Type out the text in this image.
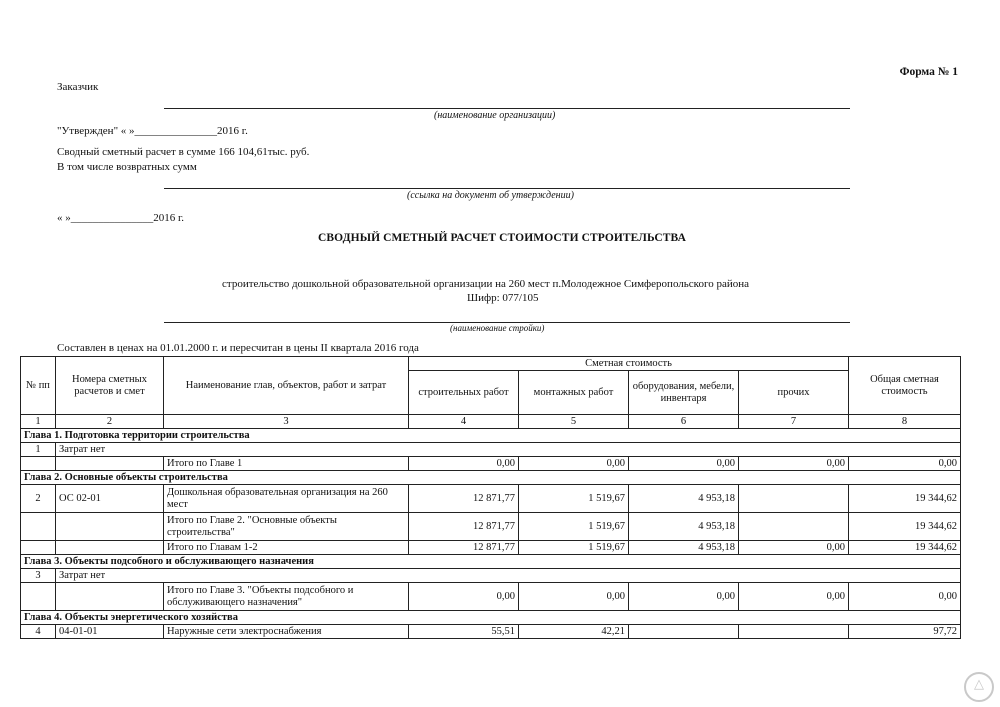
Форма № 1
Заказчик
(наименование организации)
"Утвержден" « »_______________2016 г.
Сводный сметный расчет в сумме 166 104,61тыс. руб.
В том числе возвратных сумм
(ссылка на документ об утверждении)
« »_______________2016 г.
СВОДНЫЙ СМЕТНЫЙ РАСЧЕТ СТОИМОСТИ СТРОИТЕЛЬСТВА
строительство дошкольной образовательной организации на 260 мест п.Молодежное Симферопольского района
Шифр: 077/105
(наименование стройки)
Составлен в ценах на 01.01.2000 г. и пересчитан в цены II квартала 2016 года
№ пп	Номера сметных расчетов и смет	Наименование глав, объектов, работ и затрат	Сметная стоимость				Общая сметная стоимость
			строительных работ	монтажных работ	оборудования, мебели, инвентаря	прочих	
1	2	3	4	5	6	7	8
Глава 1. Подготовка территории строительства							
1	Затрат нет						
		Итого по Главе 1	0,00	0,00	0,00	0,00	0,00
Глава 2. Основные объекты строительства							
2	ОС 02-01	Дошкольная образовательная организация на 260 мест	12 871,77	1 519,67	4 953,18		19 344,62
		Итого по Главе 2. "Основные объекты строительства"	12 871,77	1 519,67	4 953,18		19 344,62
		Итого по Главам 1-2	12 871,77	1 519,67	4 953,18	0,00	19 344,62
Глава 3. Объекты подсобного и обслуживающего назначения							
3	Затрат нет						
		Итого по Главе 3. "Объекты подсобного и обслуживающего назначения"	0,00	0,00	0,00	0,00	0,00
Глава 4. Объекты энергетического хозяйства							
4	04-01-01	Наружные сети электроснабжения	55,51	42,21			97,72
△
